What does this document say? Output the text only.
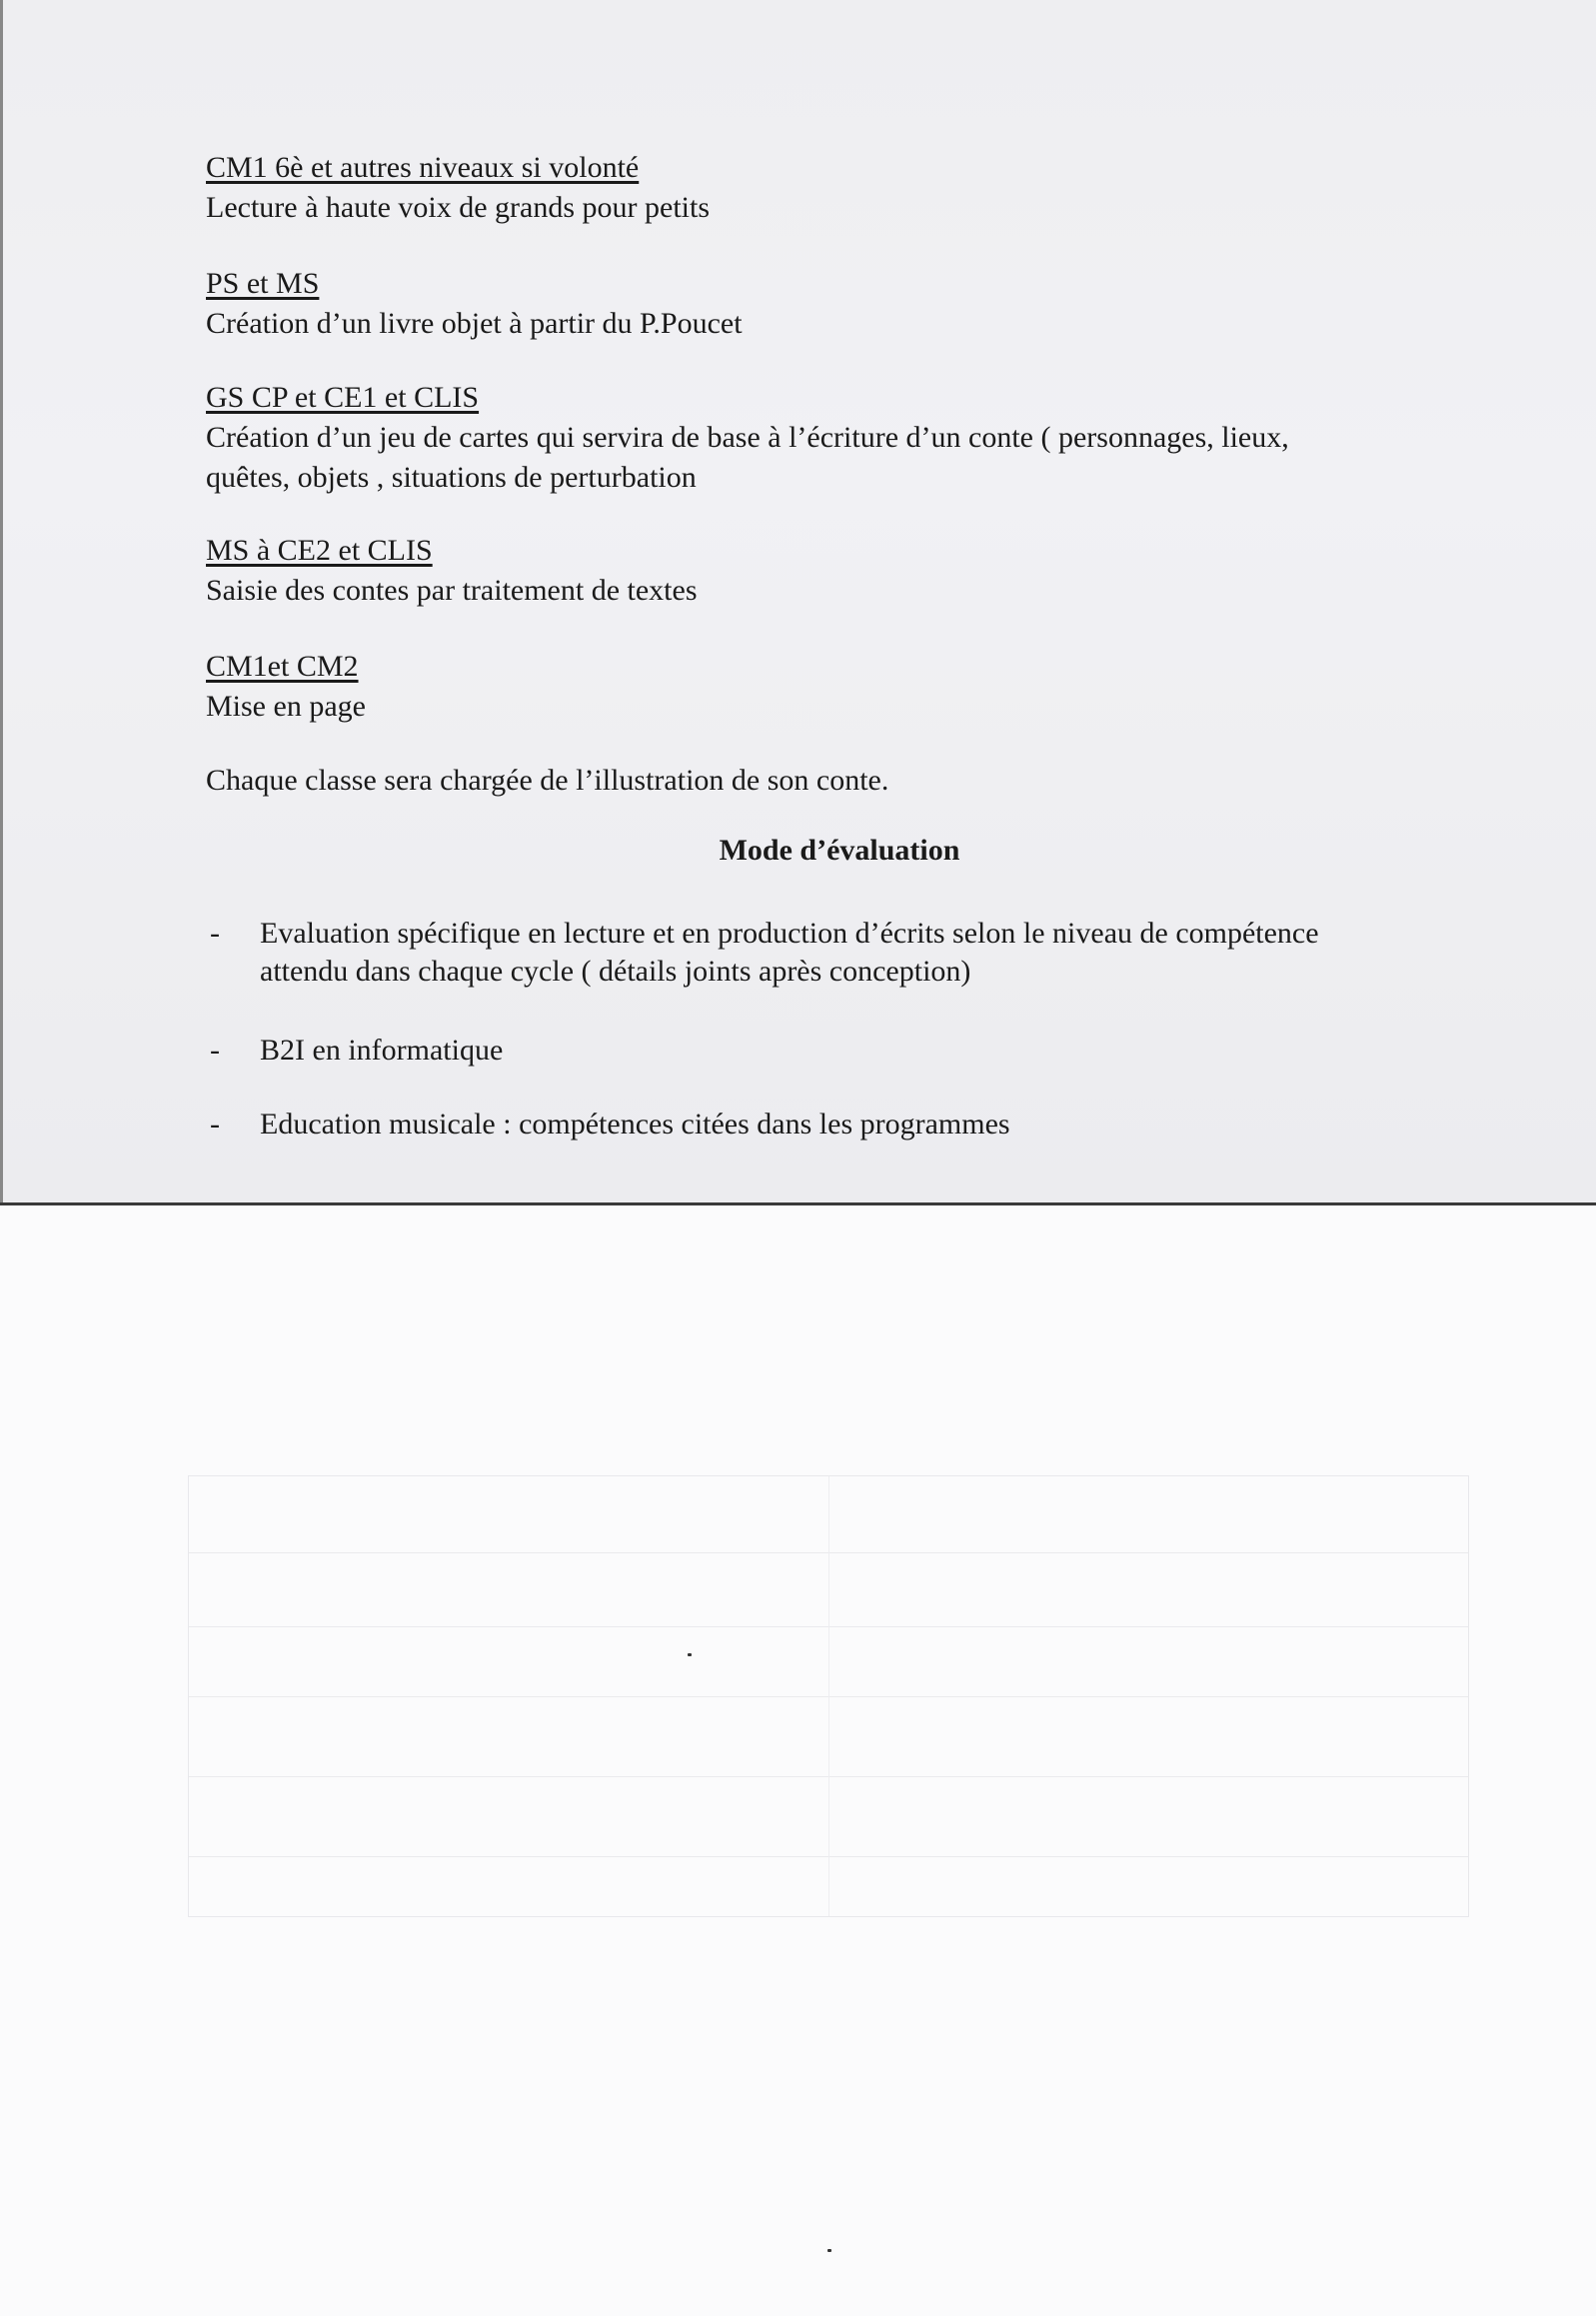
CM1 6è et autres niveaux si volonté
Lecture à haute voix de grands pour petits
PS et MS
Création d’un livre objet à partir du P.Poucet
GS CP et CE1 et CLIS
Création d’un jeu de cartes qui servira de base à l’écriture d’un conte ( personnages, lieux,
quêtes, objets , situations de perturbation
MS à CE2 et CLIS
Saisie des contes par traitement de textes
CM1et CM2
Mise en page
Chaque classe sera chargée de l’illustration de son conte.
Mode d’évaluation
-	Evaluation spécifique en lecture et en production d’écrits selon le niveau de compétence
attendu dans chaque cycle ( détails joints après conception)
-	B2I en informatique
-	Education musicale : compétences citées dans les programmes
